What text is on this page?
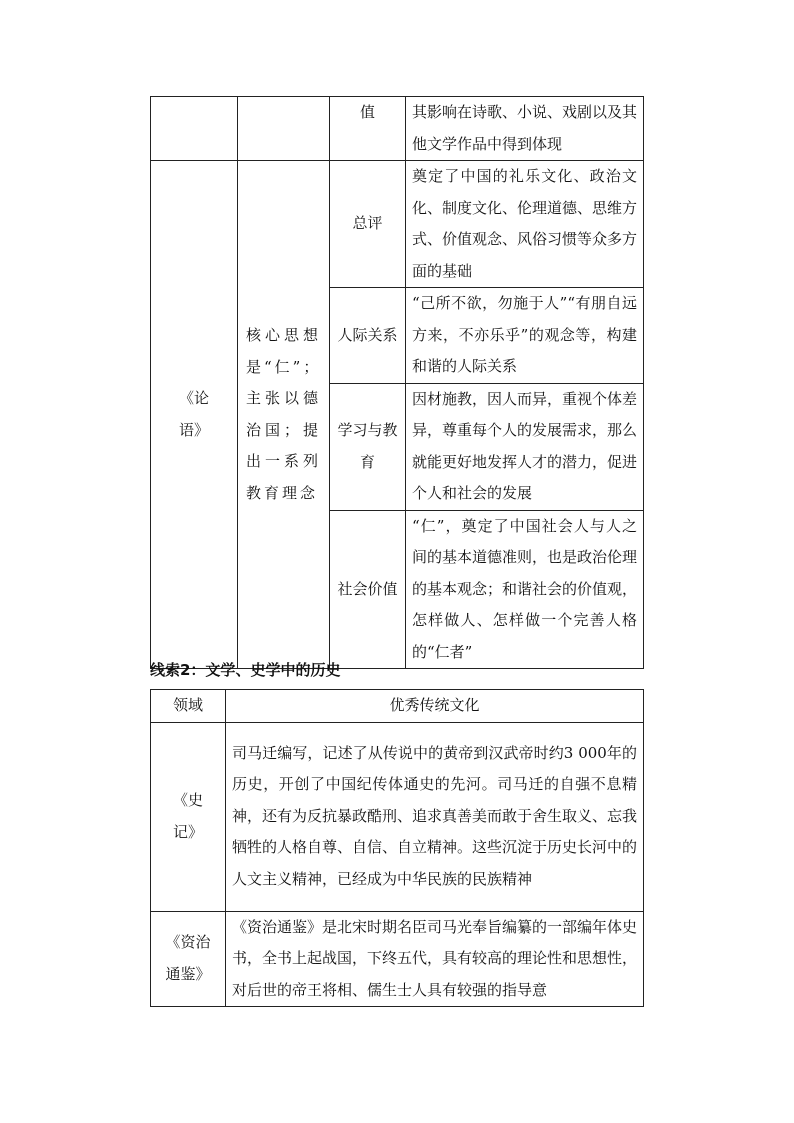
		值	其影响在诗歌、小说、戏剧以及其他文学作品中得到体现

《论语》	核心思想是“仁”；主张以德治国；提出一系列教育理念	总评	奠定了中国的礼乐文化、政治文化、制度文化、伦理道德、思维方式、价值观念、风俗习惯等众多方面的基础
		人际关系	“己所不欲，勿施于人”“有朋自远方来，不亦乐乎”的观念等，构建和谐的人际关系
		学习与教育	因材施教，因人而异，重视个体差异，尊重每个人的发展需求，那么就能更好地发挥人才的潜力，促进个人和社会的发展
		社会价值	“仁”，奠定了中国社会人与人之间的基本道德准则，也是政治伦理的基本观念；和谐社会的价值观，怎样做人、怎样做一个完善人格的“仁者”
线索2：文学、史学中的历史
领域	优秀传统文化

《史记》	司马迁编写，记述了从传说中的黄帝到汉武帝时约3 000年的历史，开创了中国纪传体通史的先河。司马迁的自强不息精神，还有为反抗暴政酷刑、追求真善美而敢于舍生取义、忘我牺牲的人格自尊、自信、自立精神。这些沉淀于历史长河中的人文主义精神，已经成为中华民族的民族精神

《资治通鉴》	《资治通鉴》是北宋时期名臣司马光奉旨编纂的一部编年体史书，全书上起战国，下终五代，具有较高的理论性和思想性，对后世的帝王将相、儒生士人具有较强的指导意
